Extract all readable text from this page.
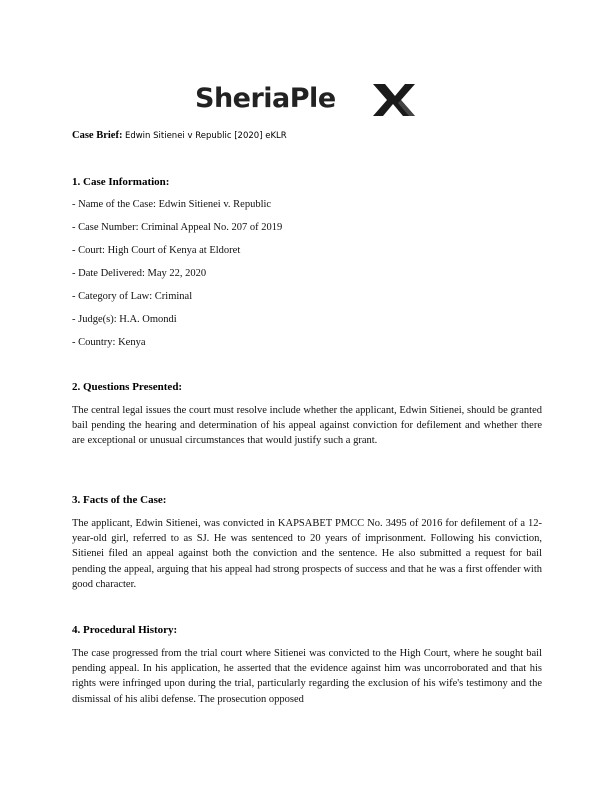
SheriaPle
Case Brief: Edwin Sitienei v Republic [2020] eKLR
1. Case Information:
- Name of the Case: Edwin Sitienei v. Republic
- Case Number: Criminal Appeal No. 207 of 2019
- Court: High Court of Kenya at Eldoret
- Date Delivered: May 22, 2020
- Category of Law: Criminal
- Judge(s): H.A. Omondi
- Country: Kenya
2. Questions Presented:
The central legal issues the court must resolve include whether the applicant, Edwin Sitienei, should be granted bail pending the hearing and determination of his appeal against conviction for defilement and whether there are exceptional or unusual circumstances that would justify such a grant.
3. Facts of the Case:
The applicant, Edwin Sitienei, was convicted in KAPSABET PMCC No. 3495 of 2016 for defilement of a 12-year-old girl, referred to as SJ. He was sentenced to 20 years of imprisonment. Following his conviction, Sitienei filed an appeal against both the conviction and the sentence. He also submitted a request for bail pending the appeal, arguing that his appeal had strong prospects of success and that he was a first offender with good character.
4. Procedural History:
The case progressed from the trial court where Sitienei was convicted to the High Court, where he sought bail pending appeal. In his application, he asserted that the evidence against him was uncorroborated and that his rights were infringed upon during the trial, particularly regarding the exclusion of his wife's testimony and the dismissal of his alibi defense. The prosecution opposed
